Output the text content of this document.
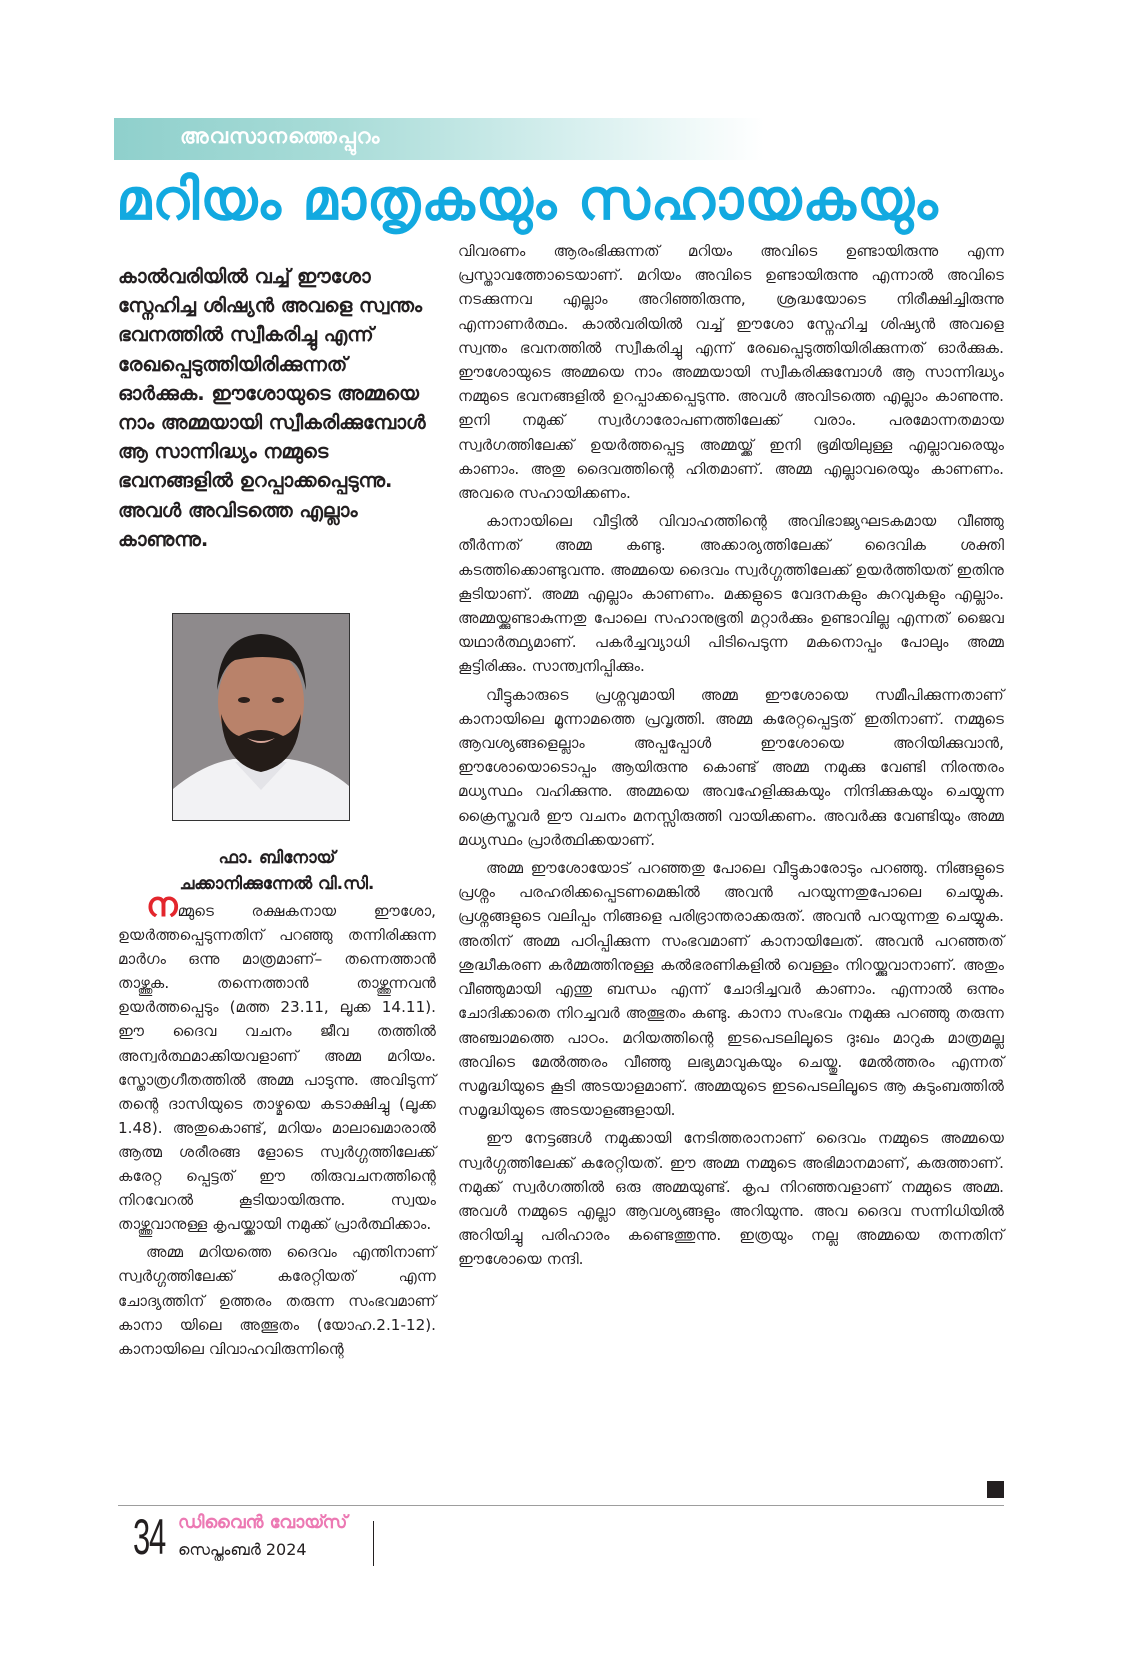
അവസാനത്തെപ്പുറം
മറിയം മാതൃകയും സഹായകയും
കാൽവരിയിൽ വച്ച് ഈശോ സ്നേഹിച്ച ശിഷ്യൻ അവളെ സ്വന്തം ഭവനത്തിൽ സ്വീകരിച്ചു എന്ന് രേഖപ്പെടുത്തിയിരിക്കുന്നത് ഓർക്കുക. ഈശോയുടെ അമ്മയെ നാം അമ്മയായി സ്വീകരിക്കുമ്പോൾ ആ സാന്നിദ്ധ്യം നമ്മുടെ ഭവനങ്ങളിൽ ഉറപ്പാക്കപ്പെടുന്നു. അവൾ അവിടത്തെ എല്ലാം കാണുന്നു.
ഫാ. ബിനോയ്
ചക്കാനിക്കുന്നേൽ വി.സി.

നമ്മുടെ രക്ഷകനായ ഈശോ, ഉയർത്തപ്പെടുന്നതിന് പറഞ്ഞു തന്നിരിക്കുന്ന മാർഗം ഒന്നു മാത്രമാണ്– തന്നെത്താൻ താഴ്ത്തുക. തന്നെത്താൻ താഴ്ത്തുന്നവൻ ഉയർത്തപ്പെടും (മത്ത 23.11, ലൂക്ക 14.11). ഈ ദൈവ വചനം ജീവ തത്തിൽ അന്വർത്ഥമാക്കിയവളാണ് അമ്മ മറിയം. സ്തോത്രഗീതത്തിൽ അമ്മ പാടുന്നു. അവിടുന്ന് തന്റെ ദാസിയുടെ താഴ്മയെ കടാക്ഷിച്ചു (ലൂക്ക 1.48). അതുകൊണ്ട്, മറിയം മാലാഖമാരാൽ ആത്മ ശരീരങ്ങ ളോടെ സ്വർഗ്ഗത്തിലേക്ക് കരേറ്റ പ്പെട്ടത് ഈ തിരുവചനത്തിന്റെ നിറവേറൽ കൂടിയായിരുന്നു. സ്വയം താഴ്ത്തുവാനുള്ള കൃപയ്ക്കായി നമുക്ക് പ്രാർത്ഥിക്കാം.

അമ്മ മറിയത്തെ ദൈവം എന്തിനാണ് സ്വർഗ്ഗത്തിലേക്ക് കരേറ്റിയത് എന്ന ചോദ്യത്തിന് ഉത്തരം തരുന്ന സംഭവമാണ് കാനാ യിലെ അത്ഭുതം (യോഹ.2.1-12). കാനായിലെ വിവാഹവിരുന്നിന്റെ

വിവരണം ആരംഭിക്കുന്നത് മറിയം അവിടെ ഉണ്ടായിരുന്നു എന്ന പ്രസ്താവത്തോടെയാണ്. മറിയം അവിടെ ഉണ്ടായിരുന്നു എന്നാൽ അവിടെ നടക്കുന്നവ എല്ലാം അറിഞ്ഞിരുന്നു, ശ്രദ്ധയോടെ നിരീക്ഷിച്ചിരുന്നു എന്നാണർത്ഥം. കാൽവരിയിൽ വച്ച് ഈശോ സ്നേഹിച്ച ശിഷ്യൻ അവളെ സ്വന്തം ഭവനത്തിൽ സ്വീകരിച്ചു എന്ന് രേഖപ്പെടുത്തിയിരിക്കുന്നത് ഓർക്കുക. ഈശോയുടെ അമ്മയെ നാം അമ്മയായി സ്വീകരിക്കുമ്പോൾ ആ സാന്നിദ്ധ്യം നമ്മുടെ ഭവനങ്ങളിൽ ഉറപ്പാക്കപ്പെടുന്നു. അവൾ അവിടത്തെ എല്ലാം കാണുന്നു. ഇനി നമുക്ക് സ്വർഗാരോപണത്തിലേക്ക് വരാം. പരമോന്നതമായ സ്വർഗത്തിലേക്ക് ഉയർത്തപ്പെട്ട അമ്മയ്ക്ക് ഇനി ഭൂമിയിലുള്ള എല്ലാവരെയും കാണാം. അതു ദൈവത്തിന്റെ ഹിതമാണ്. അമ്മ എല്ലാവരെയും കാണണം. അവരെ സഹായിക്കണം.

കാനായിലെ വീട്ടിൽ വിവാഹത്തിന്റെ അവിഭാജ്യഘടകമായ വീഞ്ഞു തീർന്നത് അമ്മ കണ്ടു. അക്കാര്യത്തിലേക്ക് ദൈവിക ശക്തി കടത്തിക്കൊണ്ടുവന്നു. അമ്മയെ ദൈവം സ്വർഗ്ഗത്തിലേക്ക് ഉയർത്തിയത് ഇതിനു കൂടിയാണ്. അമ്മ എല്ലാം കാണണം. മക്കളുടെ വേദനകളും കുറവുകളും എല്ലാം. അമ്മയ്ക്കുണ്ടാകുന്നതു പോലെ സഹാനുഭൂതി മറ്റാർക്കും ഉണ്ടാവില്ല എന്നത് ജൈവ യഥാർത്ഥ്യമാണ്. പകർച്ചവ്യാധി പിടിപെടുന്ന മകനൊപ്പം പോലും അമ്മ കൂട്ടിരിക്കും. സാന്ത്വനിപ്പിക്കും.

വീട്ടുകാരുടെ പ്രശ്നവുമായി അമ്മ ഈശോയെ സമീപിക്കുന്നതാണ് കാനായിലെ മൂന്നാമത്തെ പ്രവൃത്തി. അമ്മ കരേറ്റപ്പെട്ടത് ഇതിനാണ്. നമ്മുടെ ആവശ്യങ്ങളെല്ലാം അപ്പപ്പോൾ ഈശോയെ അറിയിക്കുവാൻ, ഈശോയൊടൊപ്പം ആയിരുന്നു കൊണ്ട് അമ്മ നമുക്കു വേണ്ടി നിരന്തരം മധ്യസ്ഥം വഹിക്കുന്നു. അമ്മയെ അവഹേളിക്കുകയും നിന്ദിക്കുകയും ചെയ്യുന്ന ക്രൈസ്തവർ ഈ വചനം മനസ്സിരുത്തി വായിക്കണം. അവർക്കു വേണ്ടിയും അമ്മ മധ്യസ്ഥം പ്രാർത്ഥിക്കയാണ്.

അമ്മ ഈശോയോട് പറഞ്ഞതു പോലെ വീട്ടുകാരോടും പറഞ്ഞു. നിങ്ങളുടെ പ്രശ്നം പരഹരിക്കപ്പെടണമെങ്കിൽ അവൻ പറയുന്നതുപോലെ ചെയ്യുക. പ്രശ്നങ്ങളുടെ വലിപ്പം നിങ്ങളെ പരിഭ്രാന്തരാക്കരുത്. അവൻ പറയുന്നതു ചെയ്യുക. അതിന് അമ്മ പഠിപ്പിക്കുന്ന സംഭവമാണ് കാനായിലേത്. അവൻ പറഞ്ഞത് ശുദ്ധീകരണ കർമ്മത്തിനുള്ള കൽഭരണികളിൽ വെള്ളം നിറയ്ക്കുവാനാണ്. അതും വീഞ്ഞുമായി എന്തു ബന്ധം എന്ന് ചോദിച്ചവർ കാണാം. എന്നാൽ ഒന്നും ചോദിക്കാതെ നിറച്ചവർ അത്ഭുതം കണ്ടു. കാനാ സംഭവം നമുക്കു പറഞ്ഞു തരുന്ന അഞ്ചാമത്തെ പാഠം. മറിയത്തിന്റെ ഇടപെടലിലൂടെ ദുഃഖം മാറുക മാത്രമല്ല അവിടെ മേൽത്തരം വീഞ്ഞു ലഭ്യമാവുകയും ചെയ്തു. മേൽത്തരം എന്നത് സമൃദ്ധിയുടെ കൂടി അടയാളമാണ്. അമ്മയുടെ ഇടപെടലിലൂടെ ആ കുടുംബത്തിൽ സമൃദ്ധിയുടെ അടയാളങ്ങളായി.

ഈ നേട്ടങ്ങൾ നമുക്കായി നേടിത്തരാനാണ് ദൈവം നമ്മുടെ അമ്മയെ സ്വർഗ്ഗത്തിലേക്ക് കരേറ്റിയത്. ഈ അമ്മ നമ്മുടെ അഭിമാനമാണ്, കരുത്താണ്. നമുക്ക് സ്വർഗത്തിൽ ഒരു അമ്മയുണ്ട്. കൃപ നിറഞ്ഞവളാണ് നമ്മുടെ അമ്മ. അവൾ നമ്മുടെ എല്ലാ ആവശ്യങ്ങളും അറിയുന്നു. അവ ദൈവ സന്നിധിയിൽ അറിയിച്ചു പരിഹാരം കണ്ടെത്തുന്നു. ഇത്രയും നല്ല അമ്മയെ തന്നതിന് ഈശോയെ നന്ദി.

34 ഡിവൈൻ വോയ്സ്
സെപ്തംബർ 2024
